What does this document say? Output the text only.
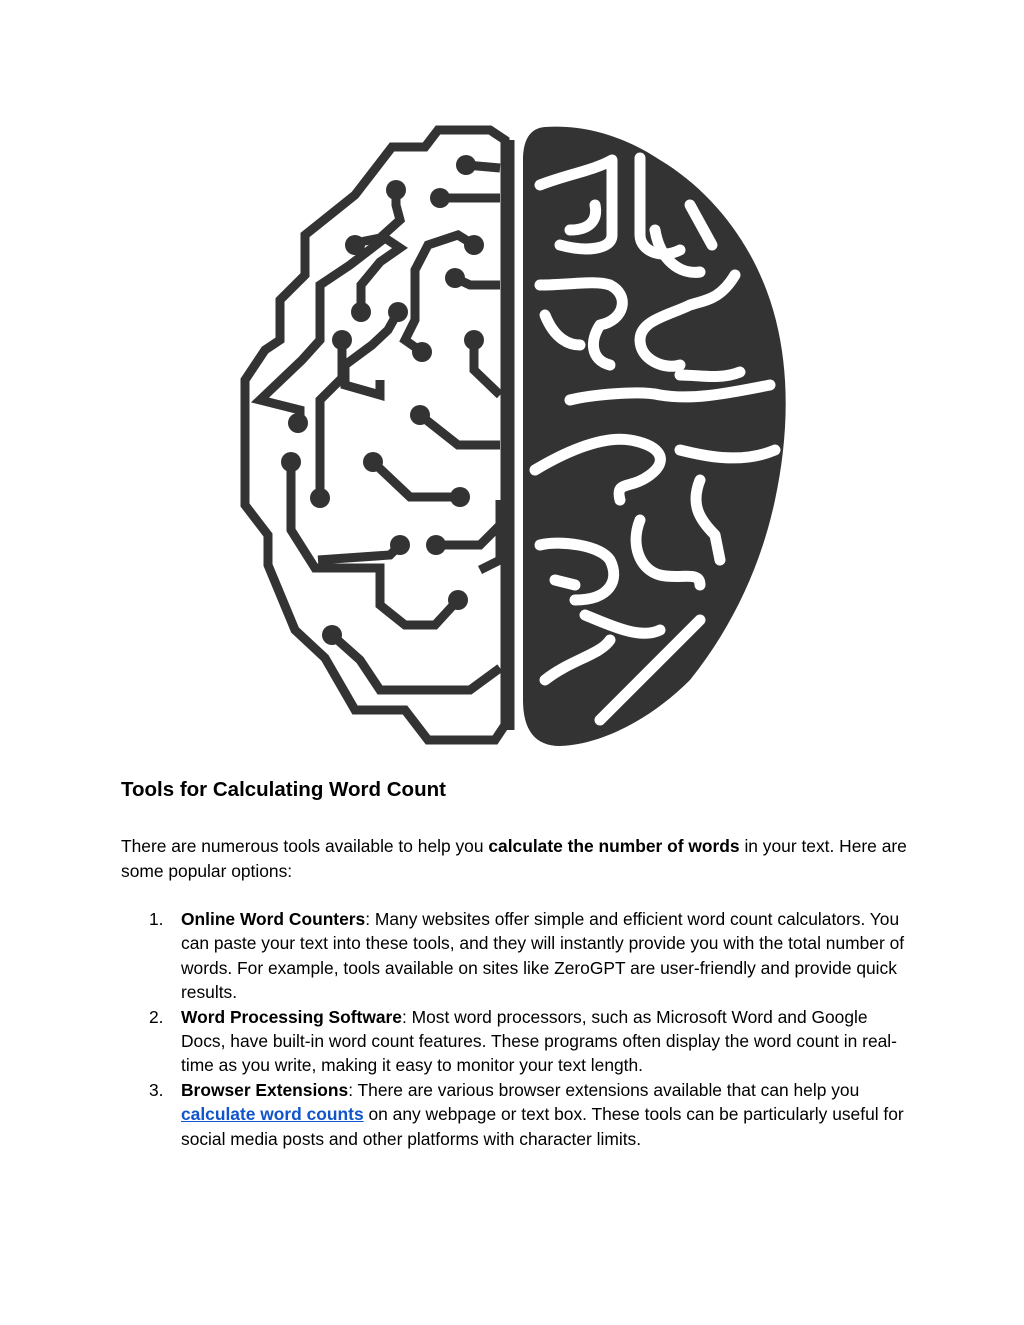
Tools for Calculating Word Count

There are numerous tools available to help you calculate the number of words in your text. Here are some popular options:

1. Online Word Counters: Many websites offer simple and efficient word count calculators. You can paste your text into these tools, and they will instantly provide you with the total number of words. For example, tools available on sites like ZeroGPT are user-friendly and provide quick results.
2. Word Processing Software: Most word processors, such as Microsoft Word and Google Docs, have built-in word count features. These programs often display the word count in real-time as you write, making it easy to monitor your text length.
3. Browser Extensions: There are various browser extensions available that can help you calculate word counts on any webpage or text box. These tools can be particularly useful for social media posts and other platforms with character limits.
